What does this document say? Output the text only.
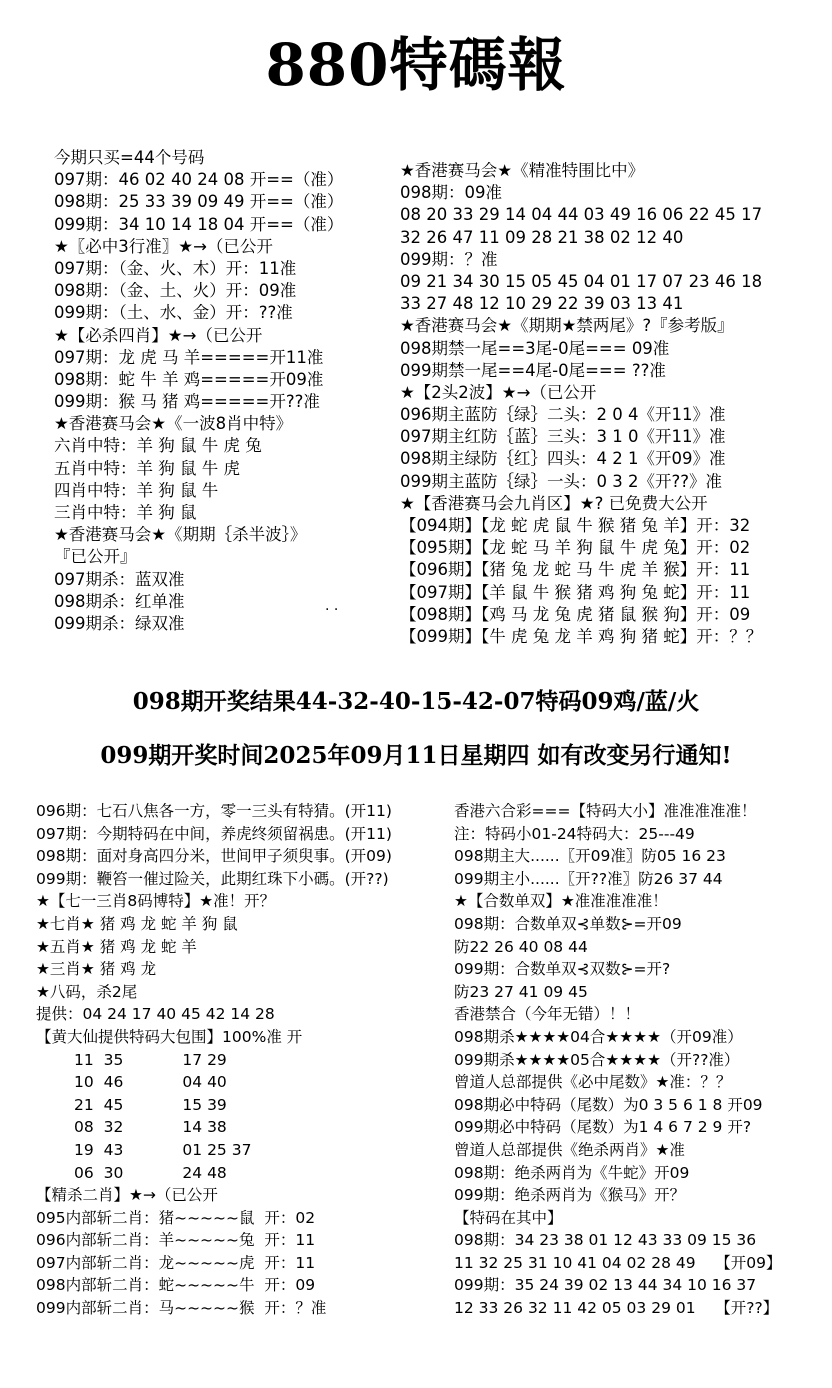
880特碼報
今期只买=44个号码
097期：46 02 40 24 08 开==（准）
098期：25 33 39 09 49 开==（准）
099期：34 10 14 18 04 开==（准）
★〖必中3行准〗★→（已公开
097期：（金、火、木）开：11准
098期：（金、土、火）开：09准
099期：（土、水、金）开：??准
★【必杀四肖】★→（已公开
097期：龙 虎 马 羊=====开11准
098期：蛇 牛 羊 鸡=====开09准
099期：猴 马 猪 鸡=====开??准
★香港赛马会★《一波8肖中特》
六肖中特：羊 狗 鼠 牛 虎 兔
五肖中特：羊 狗 鼠 牛 虎
四肖中特：羊 狗 鼠 牛
三肖中特：羊 狗 鼠
★香港赛马会★《期期｛杀半波｝》
『已公开』
097期杀：蓝双准
098期杀：红单准
099期杀：绿双准
. .
★香港赛马会★《精准特围比中》
098期：09准
08 20 33 29 14 04 44 03 49 16 06 22 45 17
32 26 47 11 09 28 21 38 02 12 40
099期：？准
09 21 34 30 15 05 45 04 01 17 07 23 46 18
33 27 48 12 10 29 22 39 03 13 41
★香港赛马会★《期期★禁两尾》?『参考版』
098期禁一尾==3尾-0尾=== 09准
099期禁一尾==4尾-0尾=== ??准
★【2头2波】★→（已公开
096期主蓝防｛绿｝二头：2 0 4《开11》准
097期主红防｛蓝｝三头：3 1 0《开11》准
098期主绿防｛红｝四头：4 2 1《开09》准
099期主蓝防｛绿｝一头：0 3 2《开??》准
★【香港赛马会九肖区】★? 已免费大公开
【094期】【龙 蛇 虎 鼠 牛 猴 猪 兔 羊】开：32
【095期】【龙 蛇 马 羊 狗 鼠 牛 虎 兔】开：02
【096期】【猪 兔 龙 蛇 马 牛 虎 羊 猴】开：11
【097期】【羊 鼠 牛 猴 猪 鸡 狗 兔 蛇】开：11
【098期】【鸡 马 龙 兔 虎 猪 鼠 猴 狗】开：09
【099期】【牛 虎 兔 龙 羊 鸡 狗 猪 蛇】开：？？
098期开奖结果44-32-40-15-42-07特码09鸡/蓝/火
099期开奖时间2025年09月11日星期四 如有改变另行通知!
096期：七石八焦各一方，零一三头有特猜。(开11)
097期：今期特码在中间，养虎终须留祸患。(开11)
098期：面对身高四分米，世间甲子须臾事。(开09)
099期：鞭笞一催过险关，此期红珠下小碼。(开??)
★【七一三肖8码博特】★准！开？
★七肖★ 猪 鸡 龙 蛇 羊 狗 鼠
★五肖★ 猪 鸡 龙 蛇 羊
★三肖★ 猪 鸡 龙
★八码，杀2尾
提供：04 24 17 40 45 42 14 28
【黄大仙提供特码大包围】100%准 开
11  35            17 29
10  46            04 40
21  45            15 39
08  32            14 38
19  43            01 25 37
06  30            24 48
【精杀二肖】★→（已公开
095内部斩二肖：猪~~~~~鼠  开：02
096内部斩二肖：羊~~~~~兔  开：11
097内部斩二肖：龙~~~~~虎  开：11
098内部斩二肖：蛇~~~~~牛  开：09
099内部斩二肖：马~~~~~猴  开：？准
香港六合彩===【特码大小】准准准准准！
注：特码小01-24特码大：25---49
098期主大......〖开09准〗防05 16 23
099期主小......〖开??准〗防26 37 44
★【合数单双】★准准准准准！
098期：合数单双⊰单数⊱=开09
防22 26 40 08 44
099期：合数单双⊰双数⊱=开?
防23 27 41 09 45
香港禁合（今年无错）！！
098期杀★★★★04合★★★★（开09准）
099期杀★★★★05合★★★★（开??准）
曾道人总部提供《必中尾数》★准：？？
098期必中特码（尾数）为0 3 5 6 1 8 开09
099期必中特码（尾数）为1 4 6 7 2 9 开?
曾道人总部提供《绝杀两肖》★准
098期：绝杀两肖为《牛蛇》开09
099期：绝杀两肖为《猴马》开？
【特码在其中】
098期：34 23 38 01 12 43 33 09 15 36
11 32 25 31 10 41 04 02 28 49    【开09】
099期：35 24 39 02 13 44 34 10 16 37
12 33 26 32 11 42 05 03 29 01    【开??】
